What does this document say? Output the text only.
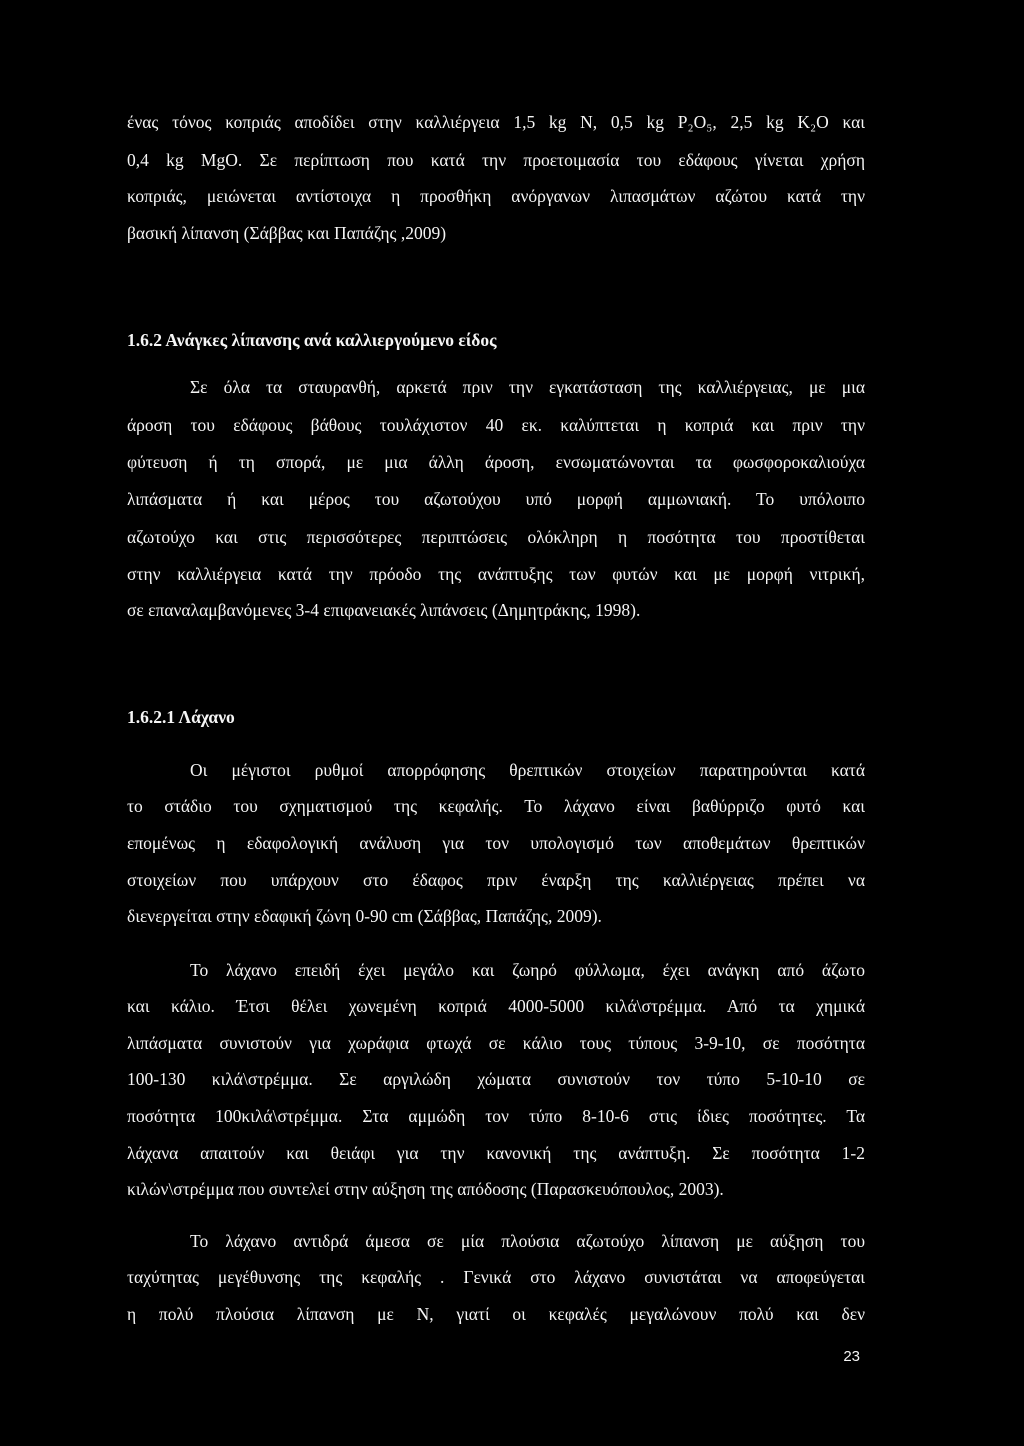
ένας τόνος κοπριάς αποδίδει στην καλλιέργεια 1,5 kg N, 0,5 kg P₂O₅, 2,5 kg K₂O και
0,4 kg MgO. Σε περίπτωση που κατά την προετοιμασία του εδάφους γίνεται χρήση
κοπριάς, μειώνεται αντίστοιχα η προσθήκη ανόργανων λιπασμάτων αζώτου κατά την
βασική λίπανση (Σάββας και Παπάζης ,2009)
1.6.2 Ανάγκες λίπανσης ανά καλλιεργούμενο είδος
Σε όλα τα σταυρανθή, αρκετά πριν την εγκατάσταση της καλλιέργειας, με μια
άροση του εδάφους βάθους τουλάχιστον 40 εκ. καλύπτεται η κοπριά και πριν την
φύτευση ή τη σπορά, με μια άλλη άροση, ενσωματώνονται τα φωσφοροκαλιούχα
λιπάσματα ή και μέρος του αζωτούχου υπό μορφή αμμωνιακή. Το υπόλοιπο
αζωτούχο και στις περισσότερες περιπτώσεις ολόκληρη η ποσότητα του προστίθεται
στην καλλιέργεια κατά την πρόοδο της ανάπτυξης των φυτών και με μορφή νιτρική,
σε επαναλαμβανόμενες 3-4 επιφανειακές λιπάνσεις (Δημητράκης, 1998).
1.6.2.1 Λάχανο
Οι μέγιστοι ρυθμοί απορρόφησης θρεπτικών στοιχείων παρατηρούνται κατά
το στάδιο του σχηματισμού της κεφαλής. Το λάχανο είναι βαθύρριζο φυτό και
επομένως η εδαφολογική ανάλυση για τον υπολογισμό των αποθεμάτων θρεπτικών
στοιχείων που υπάρχουν στο έδαφος πριν έναρξη της καλλιέργειας πρέπει να
διενεργείται στην εδαφική ζώνη 0-90 cm (Σάββας, Παπάζης, 2009).
Το λάχανο επειδή έχει μεγάλο και ζωηρό φύλλωμα, έχει ανάγκη από άζωτο
και κάλιο. Έτσι θέλει χωνεμένη κοπριά 4000-5000 κιλά\στρέμμα. Από τα χημικά
λιπάσματα συνιστούν για χωράφια φτωχά σε κάλιο τους τύπους 3-9-10, σε ποσότητα
100-130 κιλά\στρέμμα. Σε αργιλώδη χώματα συνιστούν τον τύπο 5-10-10 σε
ποσότητα 100κιλά\στρέμμα. Στα αμμώδη τον τύπο 8-10-6 στις ίδιες ποσότητες. Τα
λάχανα απαιτούν και θειάφι για την κανονική της ανάπτυξη. Σε ποσότητα 1-2
κιλών\στρέμμα που συντελεί στην αύξηση της απόδοσης (Παρασκευόπουλος, 2003).
Το λάχανο αντιδρά άμεσα σε μία πλούσια αζωτούχο λίπανση με αύξηση του
ταχύτητας μεγέθυνσης της κεφαλής . Γενικά στο λάχανο συνιστάται να αποφεύγεται
η πολύ πλούσια λίπανση με Ν, γιατί οι κεφαλές μεγαλώνουν πολύ και δεν
23
